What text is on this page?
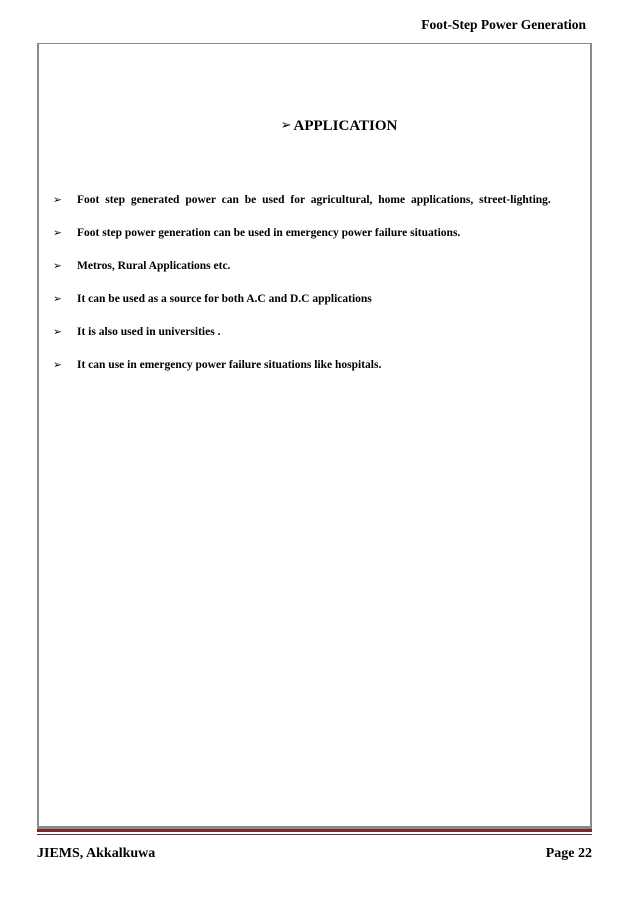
Foot-Step Power Generation
➢ APPLICATION
➢	Foot step generated power can be used for agricultural, home applications, street-lighting.
➢	Foot step power generation can be used in emergency power failure situations.
➢	Metros, Rural Applications etc.
➢	It can be used as a source for both A.C and D.C applications
➢	It is also used in universities .
➢	It can use in emergency power failure situations like hospitals.
JIEMS, Akkalkuwa	Page 22
